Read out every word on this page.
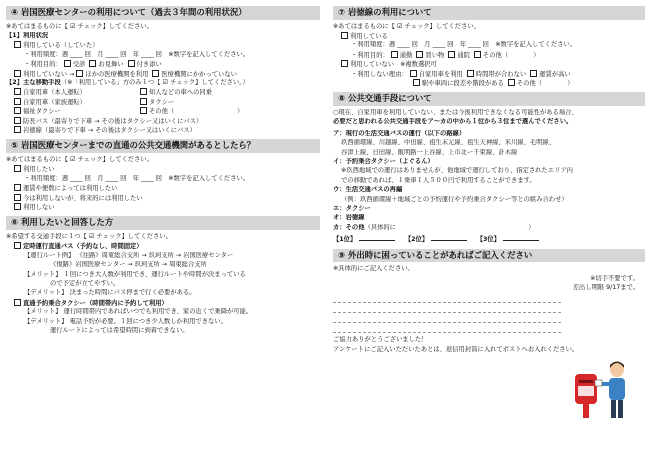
④ 岩国医療センターの利用について（過去３年間の利用状況）
※あてはまるものに【 ☑ チェック】してください。
【1】利用状況
利用している（していた）
・利用頻度：週 ____ 回　月 ____ 回　年 ____ 回　※数字を記入してください。
・利用目的： 受診 お見舞い 付き添い
利用していない → ほかの医療機関を利用 医療機関にかかっていない
【2】主な移動手段（※「利用している」方のみ１つ【 ☑ チェック】してください。）
自家用車（本人運転）	知人などの車への同乗
自家用車（家族運転）	タクシー
福祉タクシー	その他（　　　　　　　　　　）
防長バス（最寄りで下車 → その後はタクシー又はいくにバス）
岩徳線（最寄りで下車 → その後はタクシー又はいくにバス）
⑤ 岩国医療センターまでの直通の公共交通機関があるとしたら？
※あてはまるものに【 ☑ チェック】してください。
利用したい
・利用頻度：週 ____ 回　月 ____ 回　年 ____ 回　※数字を記入してください。
運賃や便数によっては利用したい
今は利用しないが、将来的には利用したい
利用しない
⑥ 利用したいと回答した方
※希望する交通手段に１つ【 ☑ チェック】してください。
定時運行直通バス（予約なし、時間固定）
【運行ルート例】 《往路》周東総合支所 → 玖珂支所 → 岩国医療センター
《復路》岩国医療センター → 玖珂支所 → 周東総合支所
【メリット】 １回につき大人数が利用でき、運行ルートや時間が決まっている
ので予定が立てやすい。
【デメリット】 決まった時間にバス停まで行く必要がある。
直通予約乗合タクシー（時間帯内に予約して利用）
【メリット】 運行時間帯内であればいつでも利用でき、家の近くで乗降が可能。
【デメリット】 電話予約が必要。１回につき少人数しか利用できない。
運行ルートによっては希望時間に到着できない。
⑦ 岩徳線の利用について
※あてはまるものに【 ☑ チェック】してください。
利用している
・利用頻度：週 ____ 回　月 ____ 回　年 ____ 回　※数字を記入してください。
・利用目的： 通勤 買い物 通院 その他（　　　　）
利用していない ※複数選択可
・利用しない理由： 自家用車を利用 時間帯が合わない 運賃が高い
駅や車両に段差や階段がある その他（　　　　）
⑧ 公共交通手段について
○現在、自家用車を利用していない、または今後利用できなくなる可能性がある場合、
必要だと思われる公共交通手段をア〜カの中から１位から３位まで選んでください。
ア：現行の生活交通バスの運行（以下の路線）
玖西循環線、川越線、中田線、祖生末元線、祖生天神線、米川線、毛明線、
谷津上線、日田線、飯明路一上谷線、上市北ー千束線、計木線
イ：予約乗合タクシー（よぐるん）
※玖西地域での運行はありませんが、他地域で運行しており、指定されたエリア内
での移動であれば、１乗車１人５００円で利用することができます。
ウ：生活交通バスの再編
（例：玖西循環線＋地域ごとの予約運行や予約乗合タクシー等との組み合わせ）
エ：タクシー
オ：岩徳線
カ：その他（具体的に　　　　　　　　　　　　　　　　　　　　　）
【1位】	【2位】	【3位】
⑨ 外出時に困っていることがあればご記入ください
※具体的にご記入ください。
※切手不要です。
差出し期限 9/17まで。
ご協力ありがとうございました！
アンケートにご記入いただいたあとは、返信用封筒に入れてポストへお入れください。
